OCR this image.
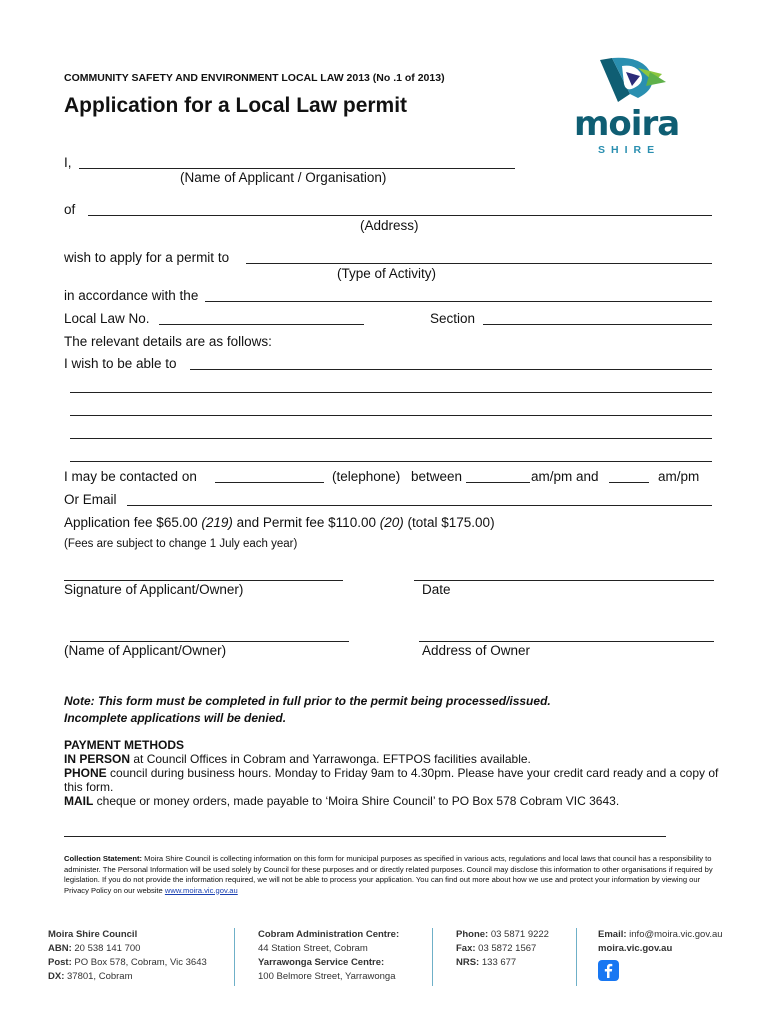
COMMUNITY SAFETY AND ENVIRONMENT LOCAL LAW 2013 (No .1 of 2013)
Application for a Local Law permit	moira
SHIRE
I,
(Name of Applicant / Organisation)
of
(Address)
wish to apply for a permit to
(Type of Activity)
in accordance with the
Local Law No.	Section
The relevant details are as follows:
I wish to be able to
I may be contacted on	(telephone) between	am/pm and	am/pm
Or Email
Application fee $65.00 (219) and Permit fee $110.00 (20) (total $175.00)
(Fees are subject to change 1 July each year)
Signature of Applicant/Owner)	Date
(Name of Applicant/Owner)	Address of Owner
Note: This form must be completed in full prior to the permit being processed/issued.
Incomplete applications will be denied.
PAYMENT METHODS
IN PERSON at Council Offices in Cobram and Yarrawonga. EFTPOS facilities available.
PHONE council during business hours. Monday to Friday 9am to 4.30pm. Please have your credit card ready and a copy of this form.
MAIL cheque or money orders, made payable to ‘Moira Shire Council’ to PO Box 578 Cobram VIC 3643.
Collection Statement: Moira Shire Council is collecting information on this form for municipal purposes as specified in various acts, regulations and local laws that council has a responsibility to administer. The Personal Information will be used solely by Council for these purposes and or directly related purposes. Council may disclose this information to other organisations if required by legislation. If you do not provide the information required, we will not be able to process your application. You can find out more about how we use and protect your information by viewing our Privacy Policy on our website www.moira.vic.gov.au
Moira Shire Council
ABN: 20 538 141 700
Post: PO Box 578, Cobram, Vic 3643
DX: 37801, Cobram
Cobram Administration Centre:
44 Station Street, Cobram
Yarrawonga Service Centre:
100 Belmore Street, Yarrawonga
Phone: 03 5871 9222
Fax: 03 5872 1567
NRS: 133 677
Email: info@moira.vic.gov.au
moira.vic.gov.au
